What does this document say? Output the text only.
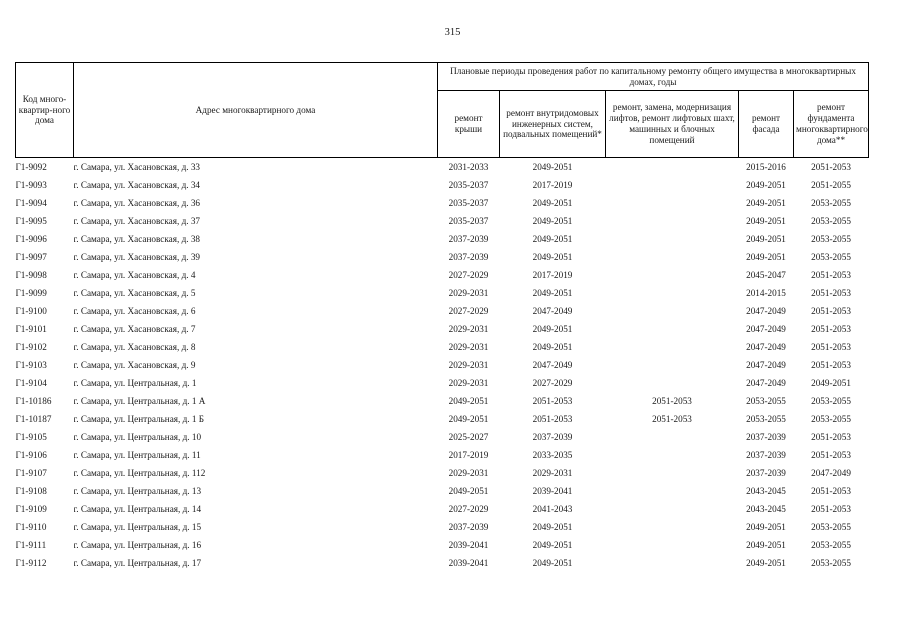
315
Код много-квартир-ного дома	Адрес многоквартирного дома	Плановые периоды проведения работ по капитальному ремонту общего имущества в многоквартирных домах, годы				
		ремонт крыши	ремонт внутридомовых инженерных систем, подвальных помещений*	ремонт, замена, модернизация лифтов, ремонт лифтовых шахт, машинных и блочных помещений	ремонт фасада	ремонт фундамента многоквартирного дома**
Г1-9092	г. Самара, ул. Хасановская, д. 33	2031-2033	2049-2051		2015-2016	2051-2053
Г1-9093	г. Самара, ул. Хасановская, д. 34	2035-2037	2017-2019		2049-2051	2051-2055
Г1-9094	г. Самара, ул. Хасановская, д. 36	2035-2037	2049-2051		2049-2051	2053-2055
Г1-9095	г. Самара, ул. Хасановская, д. 37	2035-2037	2049-2051		2049-2051	2053-2055
Г1-9096	г. Самара, ул. Хасановская, д. 38	2037-2039	2049-2051		2049-2051	2053-2055
Г1-9097	г. Самара, ул. Хасановская, д. 39	2037-2039	2049-2051		2049-2051	2053-2055
Г1-9098	г. Самара, ул. Хасановская, д. 4	2027-2029	2017-2019		2045-2047	2051-2053
Г1-9099	г. Самара, ул. Хасановская, д. 5	2029-2031	2049-2051		2014-2015	2051-2053
Г1-9100	г. Самара, ул. Хасановская, д. 6	2027-2029	2047-2049		2047-2049	2051-2053
Г1-9101	г. Самара, ул. Хасановская, д. 7	2029-2031	2049-2051		2047-2049	2051-2053
Г1-9102	г. Самара, ул. Хасановская, д. 8	2029-2031	2049-2051		2047-2049	2051-2053
Г1-9103	г. Самара, ул. Хасановская, д. 9	2029-2031	2047-2049		2047-2049	2051-2053
Г1-9104	г. Самара, ул. Центральная, д. 1	2029-2031	2027-2029		2047-2049	2049-2051
Г1-10186	г. Самара, ул. Центральная, д. 1 А	2049-2051	2051-2053	2051-2053	2053-2055	2053-2055
Г1-10187	г. Самара, ул. Центральная, д. 1 Б	2049-2051	2051-2053	2051-2053	2053-2055	2053-2055
Г1-9105	г. Самара, ул. Центральная, д. 10	2025-2027	2037-2039		2037-2039	2051-2053
Г1-9106	г. Самара, ул. Центральная, д. 11	2017-2019	2033-2035		2037-2039	2051-2053
Г1-9107	г. Самара, ул. Центральная, д. 112	2029-2031	2029-2031		2037-2039	2047-2049
Г1-9108	г. Самара, ул. Центральная, д. 13	2049-2051	2039-2041		2043-2045	2051-2053
Г1-9109	г. Самара, ул. Центральная, д. 14	2027-2029	2041-2043		2043-2045	2051-2053
Г1-9110	г. Самара, ул. Центральная, д. 15	2037-2039	2049-2051		2049-2051	2053-2055
Г1-9111	г. Самара, ул. Центральная, д. 16	2039-2041	2049-2051		2049-2051	2053-2055
Г1-9112	г. Самара, ул. Центральная, д. 17	2039-2041	2049-2051		2049-2051	2053-2055
